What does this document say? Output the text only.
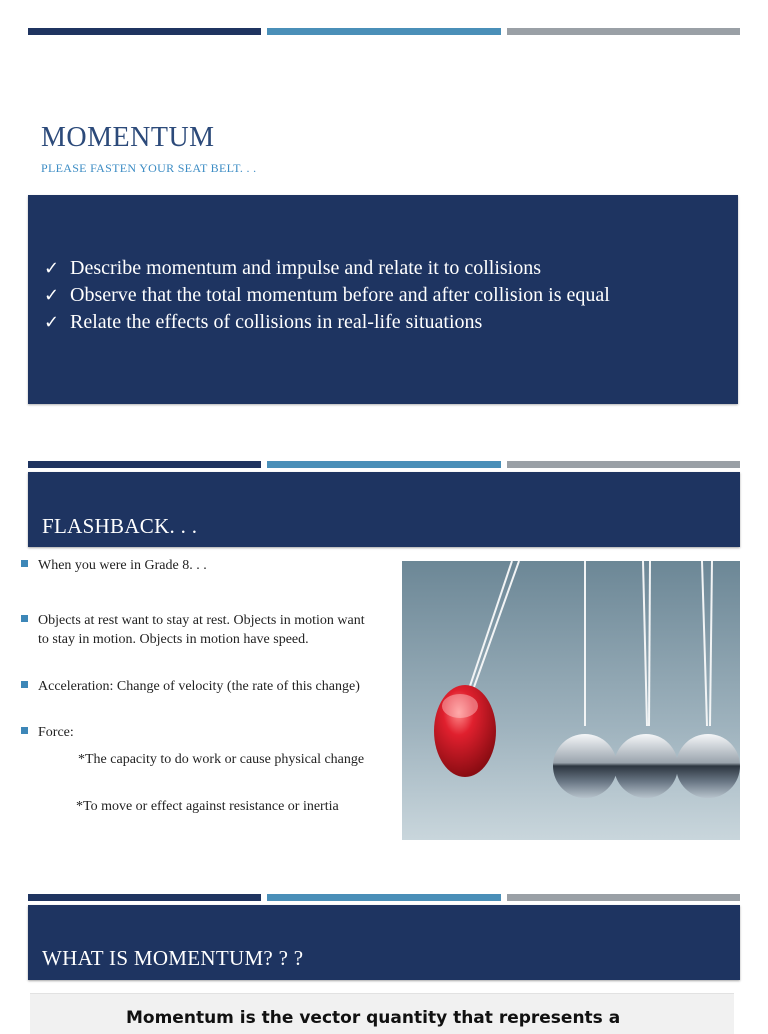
MOMENTUM
PLEASE FASTEN YOUR SEAT BELT. . .
✓ Describe momentum and impulse and relate it to collisions
✓ Observe that the total momentum before and after collision is equal
✓ Relate the effects of collisions in real-life situations
FLASHBACK. . .
When you were in Grade 8. . .
Objects at rest want to stay at rest. Objects in motion want to stay in motion. Objects in motion have speed.
Acceleration: Change of velocity (the rate of this change)
Force:
*The capacity to do work or cause physical change
*To move or effect against resistance or inertia
WHAT IS MOMENTUM? ? ?
Momentum is the vector quantity that represents a
